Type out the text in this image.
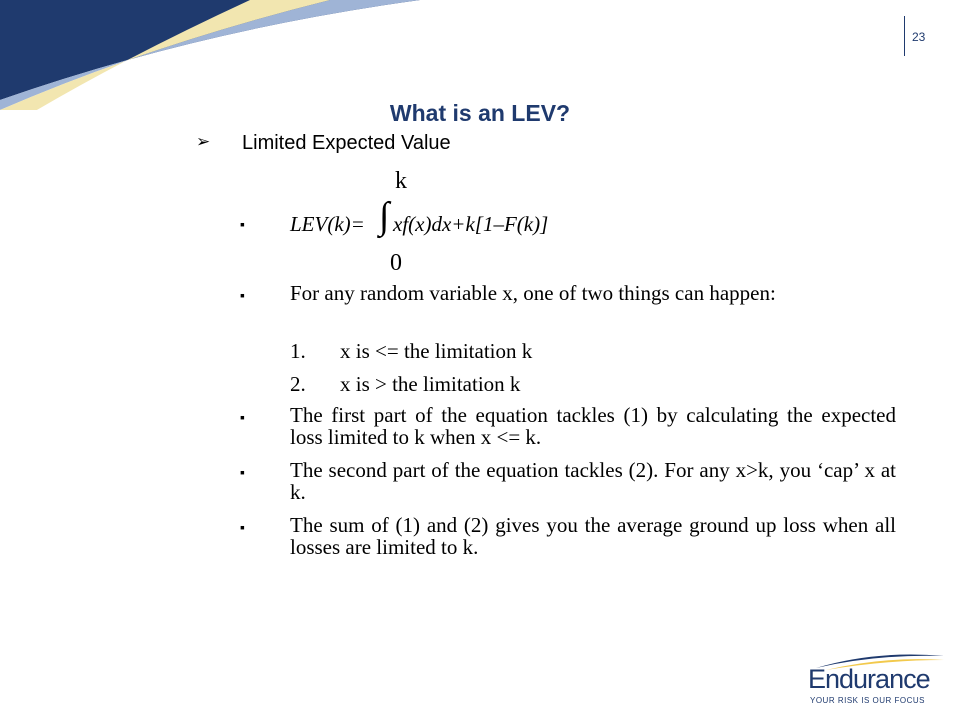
23
What is an LEV?
➢ Limited Expected Value
k
▪ LEV(k)= ∫ xf(x)dx+k[1–F(k)]
0
▪ For any random variable x, one of two things can happen:
1. x is <= the limitation k
2. x is > the limitation k
▪ The first part of the equation tackles (1) by calculating the expected loss limited to k when x <= k.
▪ The second part of the equation tackles (2). For any x>k, you ‘cap’ x at k.
▪ The sum of (1) and (2) gives you the average ground up loss when all losses are limited to k.
Endurance
YOUR RISK IS OUR FOCUS
